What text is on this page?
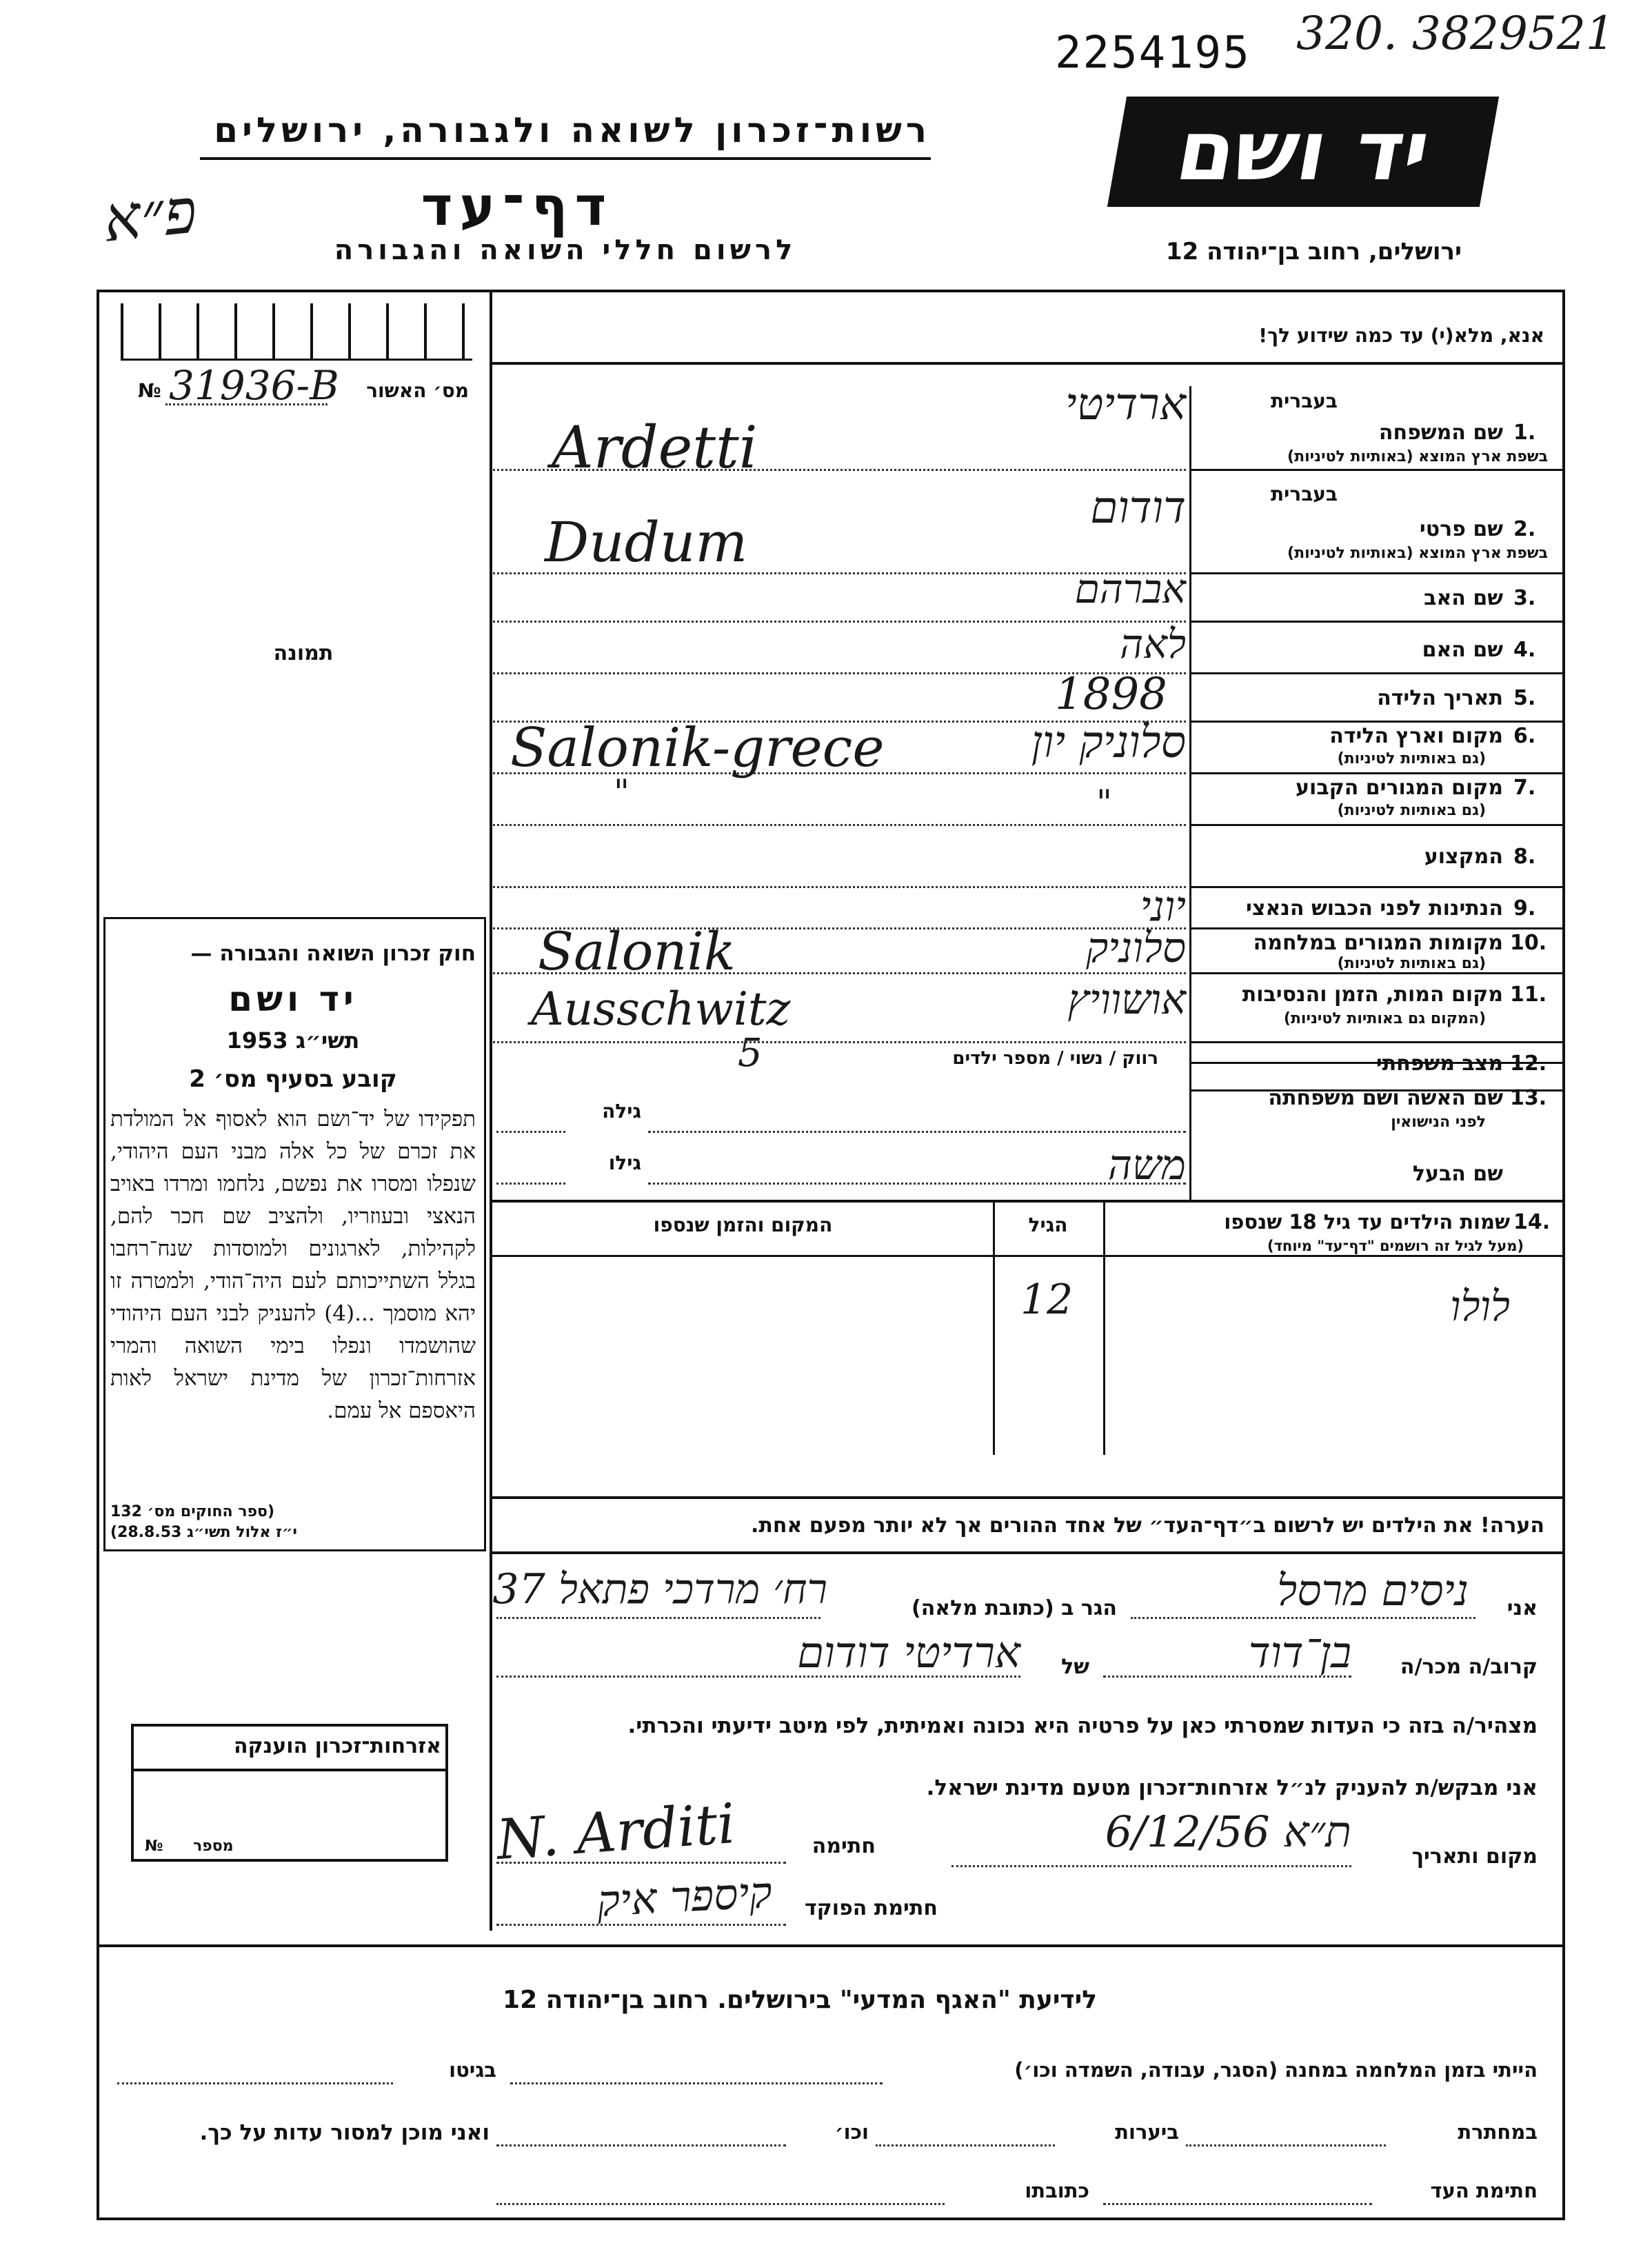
2254195 320. 3829521
רשות־זכרון לשואה ולגבורה, ירושלים	יד ושם
דף־עד
לרשום חללי השואה והגבורה	ירושלים, רחוב בן־יהודה 12
פ״א
מס׳ האשור
№ 31936-B
תמונה
חוק זכרון השואה והגבורה —
יד ושם
תשי״ג 1953
קובע בסעיף מס׳ 2
תפקידו של יד־ושם הוא לאסוף אל המולדת את זכרם של כל אלה מבני העם היהודי, שנפלו ומסרו את נפשם, נלחמו ומרדו באויב הנאצי ובעוזריו, ולהציב שם חכר להם, לקהילות, לארגונים ולמוסדות שנח־רחבו בגלל השתייכותם לעם היה־הודי, ולמטרה זו יהא מוסמך ...(4) להעניק לבני העם היהודי שהושמדו ונפלו בימי השואה והמרי אזרחות־זכרון של מדינת ישראל לאות היאספם אל עמם.
(ספר החוקים מס׳ 132
י״ז אלול תשי״ג 28.8.53)
אזרחות־זכרון הוענקה
מספר
№
אנא, מלא(י) עד כמה שידוע לך!
בעברית
שם המשפחה 1.
בשפת ארץ המוצא (באותיות לטיניות)
ארדיטי
Ardetti
בעברית
שם פרטי 2.
בשפת ארץ המוצא (באותיות לטיניות)
דודום
Dudum
שם האב 3.
אברהם
שם האם 4.
לאה
תאריך הלידה 5.
1898
מקום וארץ הלידה 6.
(גם באותיות לטיניות)
סלוניק יון
Salonik-grece
מקום המגורים הקבוע 7.
(גם באותיות לטיניות)
"
"
המקצוע 8.
הנתינות לפני הכבוש הנאצי 9.
יוני
מקומות המגורים במלחמה 10.
(גם באותיות לטיניות)
סלוניק
Salonik
מקום המות, הזמן והנסיבות 11.
(המקום גם באותיות לטיניות)
אושוויץ
Ausschwitz
רווק / נשוי / מספר ילדים
5	מצב משפחתי 12.
שם האשה ושם משפחתה 13.
לפני הנישואין
גילה
שם הבעל
גילו	משה
שמות הילדים עד גיל 18 שנספו 14.
(מעל לגיל זה רושמים "דף־עד" מיוחד)
הגיל
המקום והזמן שנספו
לולו
12
הערה! את הילדים יש לרשום ב״דף־העד״ של אחד ההורים אך לא יותר מפעם אחת.
אני
ניסים מרסל
הגר ב (כתובת מלאה)
רח׳ מרדכי פתאל 37
קרוב/ה מכר/ה
בן־דוד
של
ארדיטי דודום
מצהיר/ה בזה כי העדות שמסרתי כאן על פרטיה היא נכונה ואמיתית, לפי מיטב ידיעתי והכרתי.
אני מבקש/ת להעניק לנ״ל אזרחות־זכרון מטעם מדינת ישראל.
מקום ותאריך
ת״א 6/12/56
חתימה
N. Arditi
חתימת הפוקד
קיספר איק
לידיעת "האגף המדעי" בירושלים. רחוב בן־יהודה 12
הייתי בזמן המלחמה במחנה (הסגר, עבודה, השמדה וכו׳)
בגיטו
במחתרת
ביערות
וכו׳
ואני מוכן למסור עדות על כך.
חתימת העד
כתובתו
